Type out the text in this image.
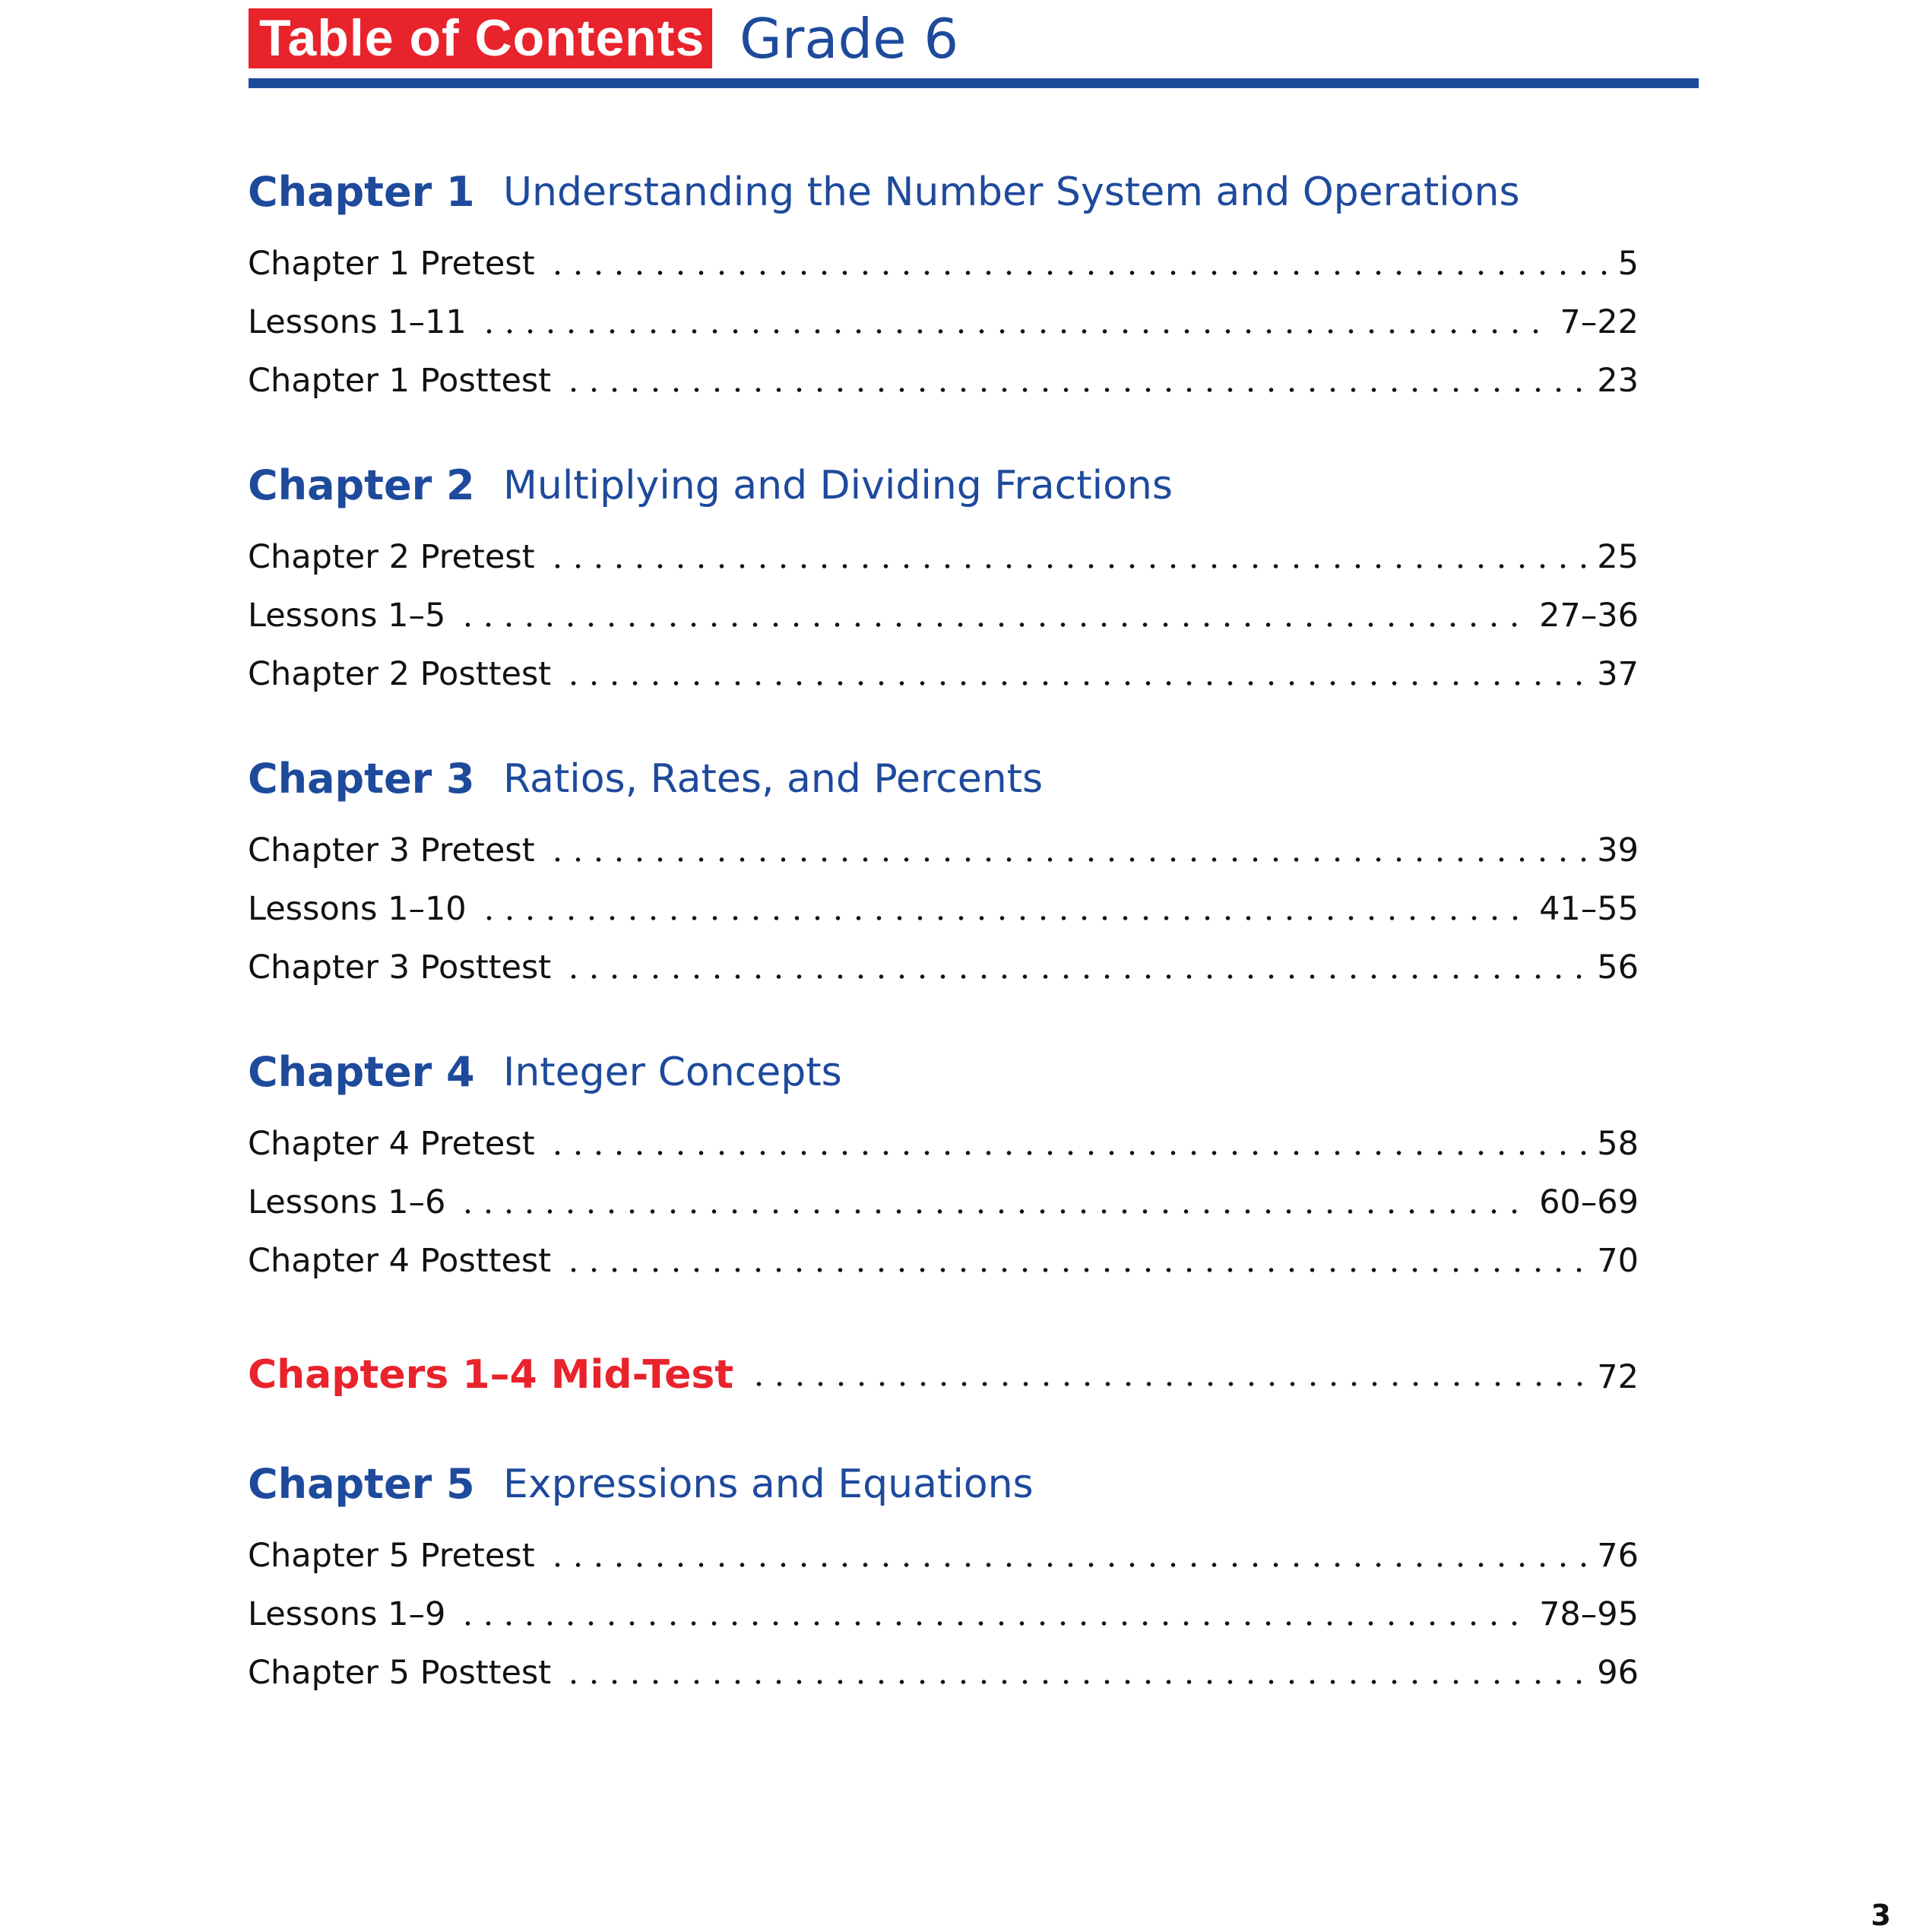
Table of Contents Grade 6
Chapter 1 Understanding the Number System and Operations
Chapter 1 Pretest	5
Lessons 1–11	7–22
Chapter 1 Posttest	23
Chapter 2 Multiplying and Dividing Fractions
Chapter 2 Pretest	25
Lessons 1–5	27–36
Chapter 2 Posttest	37
Chapter 3 Ratios, Rates, and Percents
Chapter 3 Pretest	39
Lessons 1–10	41–55
Chapter 3 Posttest	56
Chapter 4 Integer Concepts
Chapter 4 Pretest	58
Lessons 1–6	60–69
Chapter 4 Posttest	70
Chapters 1–4 Mid-Test	72
Chapter 5 Expressions and Equations
Chapter 5 Pretest	76
Lessons 1–9	78–95
Chapter 5 Posttest	96
3
